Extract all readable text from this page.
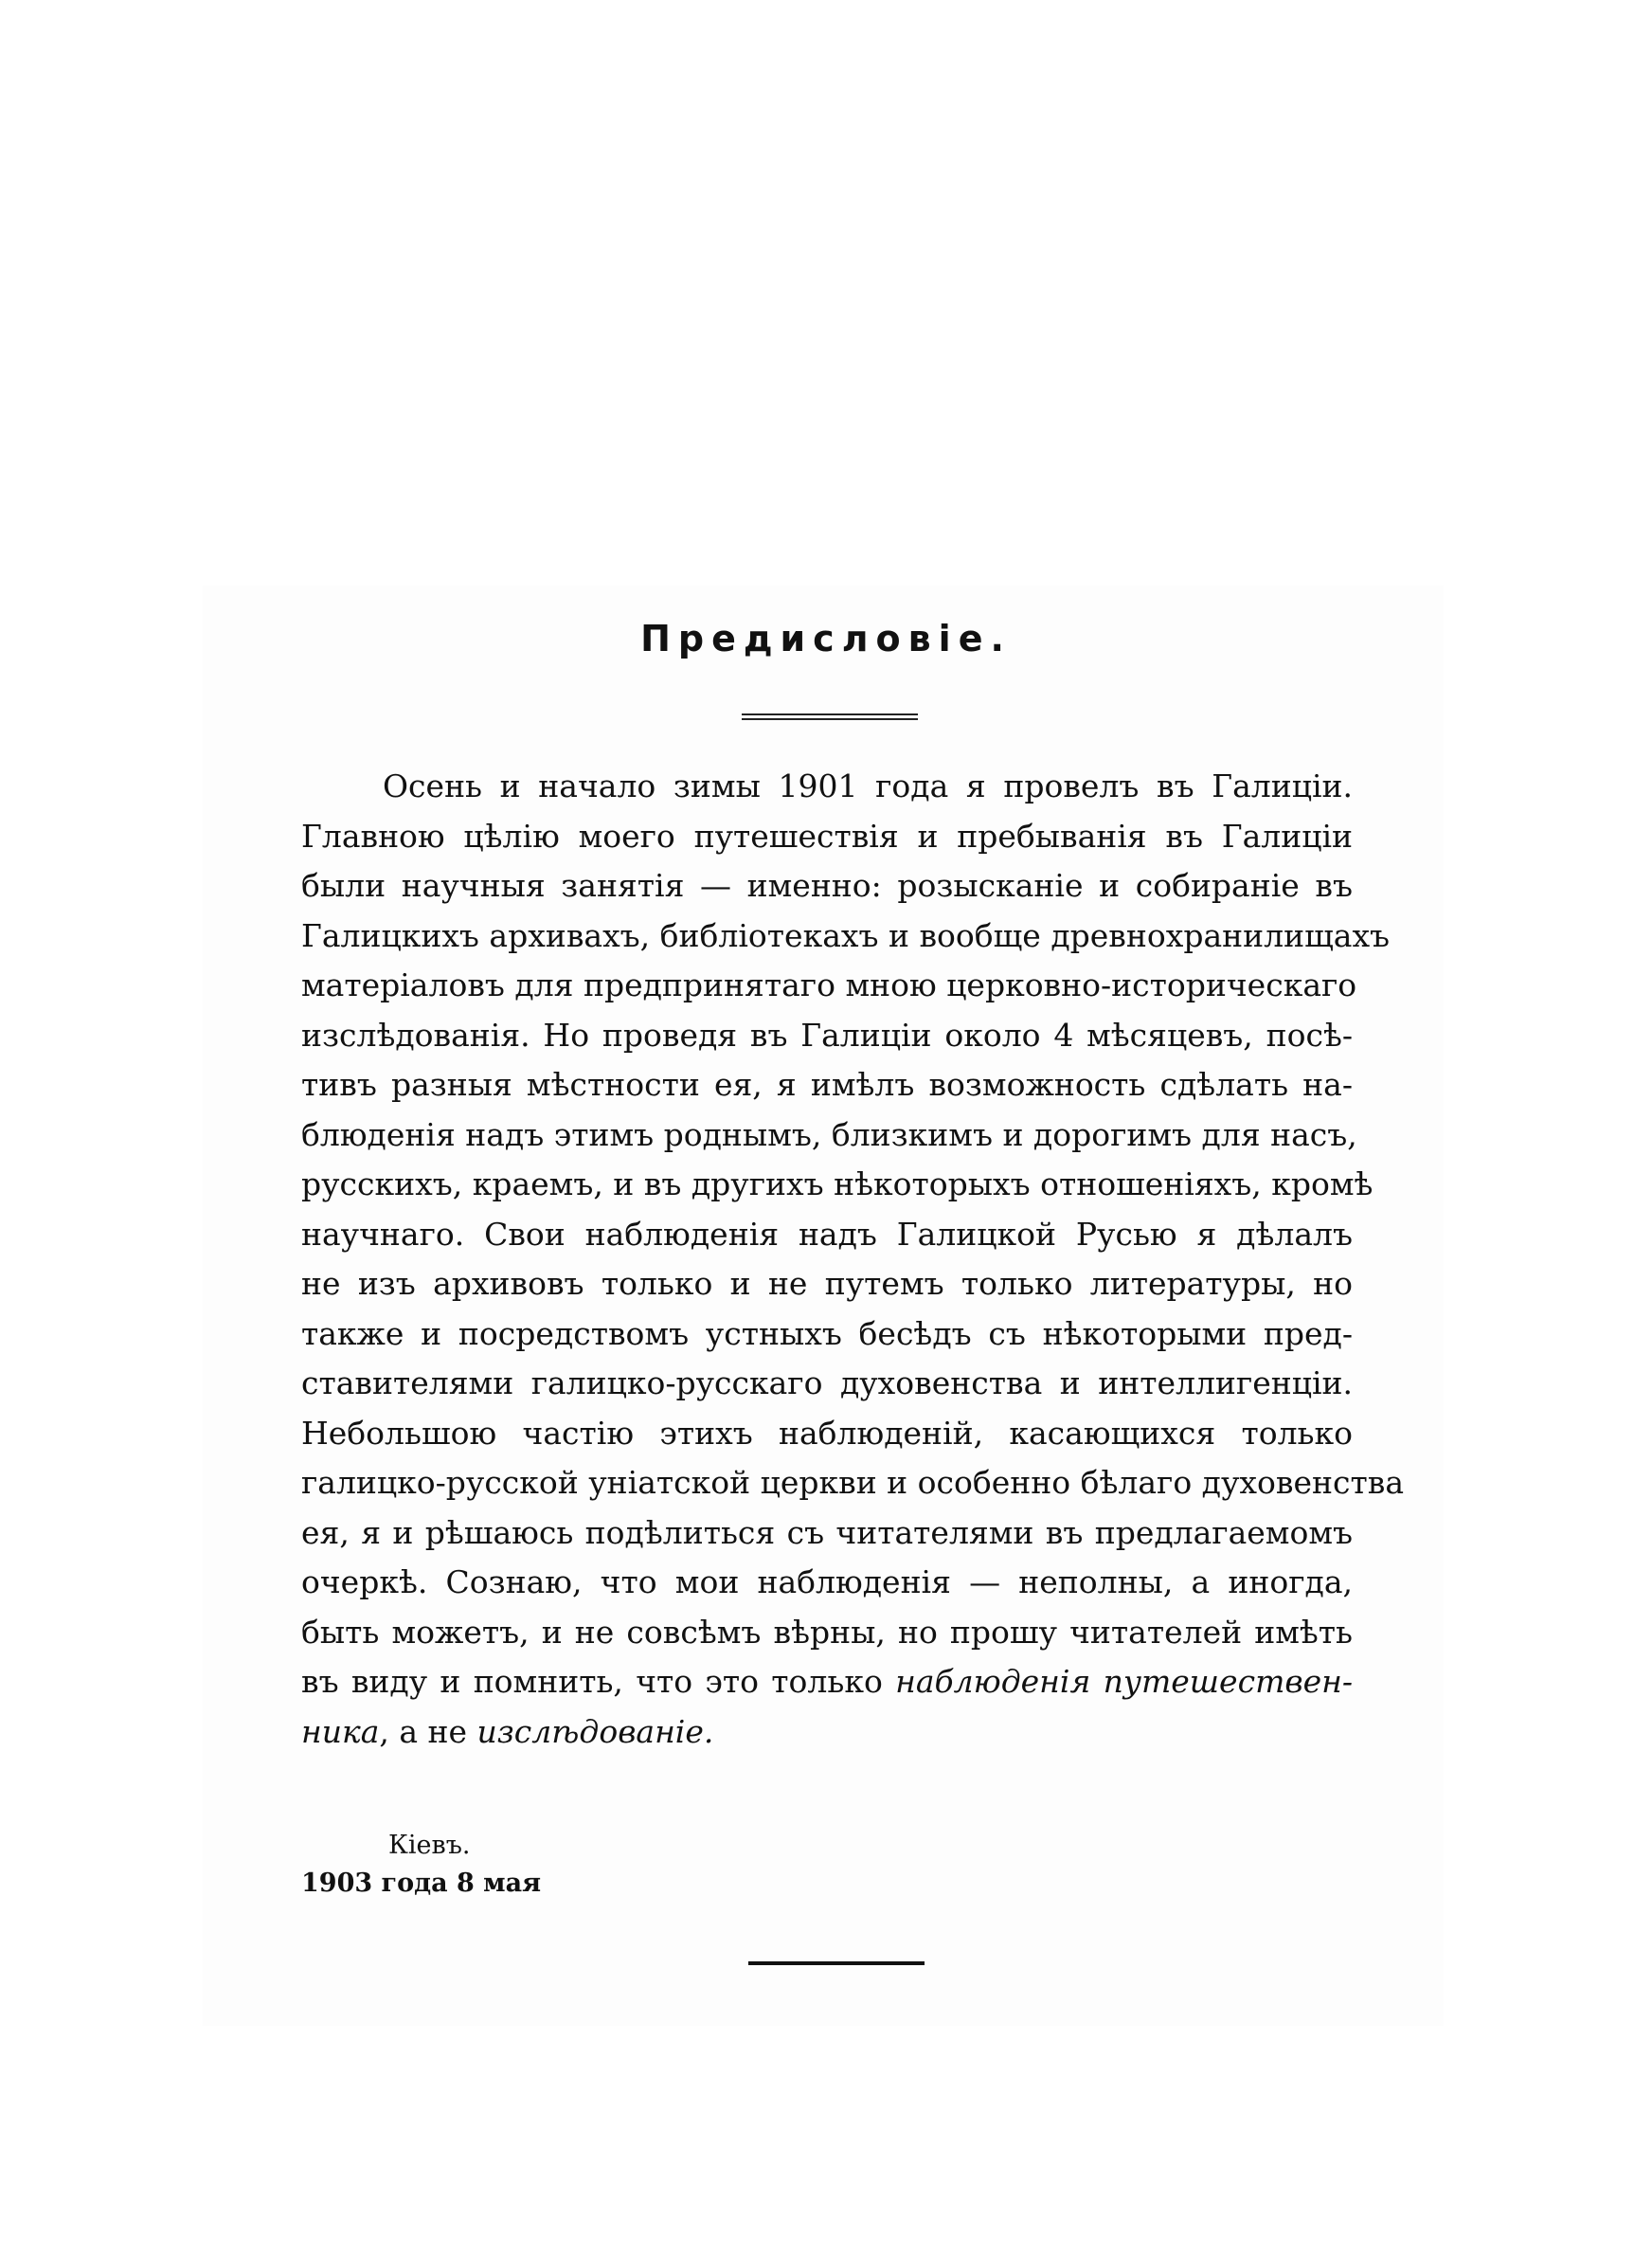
Предисловіе.
Осень и начало зимы 1901 года я провелъ въ Галиціи.
Главною цѣлію моего путешествія и пребыванія въ Галиціи
были научныя занятія — именно: розысканіе и собираніе въ
Галицкихъ архивахъ, библіотекахъ и вообще древнохранилищахъ
матеріаловъ для предпринятаго мною церковно-историческаго
изслѣдованія. Но проведя въ Галиціи около 4 мѣсяцевъ, посѣ-
тивъ разныя мѣстности ея, я имѣлъ возможность сдѣлать на-
блюденія надъ этимъ роднымъ, близкимъ и дорогимъ для насъ,
русскихъ, краемъ, и въ другихъ нѣкоторыхъ отношеніяхъ, кромѣ
научнаго. Свои наблюденія надъ Галицкой Русью я дѣлалъ
не изъ архивовъ только и не путемъ только литературы, но
также и посредствомъ устныхъ бесѣдъ съ нѣкоторыми пред-
ставителями галицко-русскаго духовенства и интеллигенціи.
Небольшою частію этихъ наблюденій, касающихся только
галицко-русской уніатской церкви и особенно бѣлаго духовенства
ея, я и рѣшаюсь подѣлиться съ читателями въ предлагаемомъ
очеркѣ. Сознаю, что мои наблюденія — неполны, а иногда,
быть можетъ, и не совсѣмъ вѣрны, но прошу читателей имѣть
въ виду и помнить, что это только наблюденія путешествен-
ника, а не изслѣдованіе.
Кіевъ.
1903 года 8 мая
